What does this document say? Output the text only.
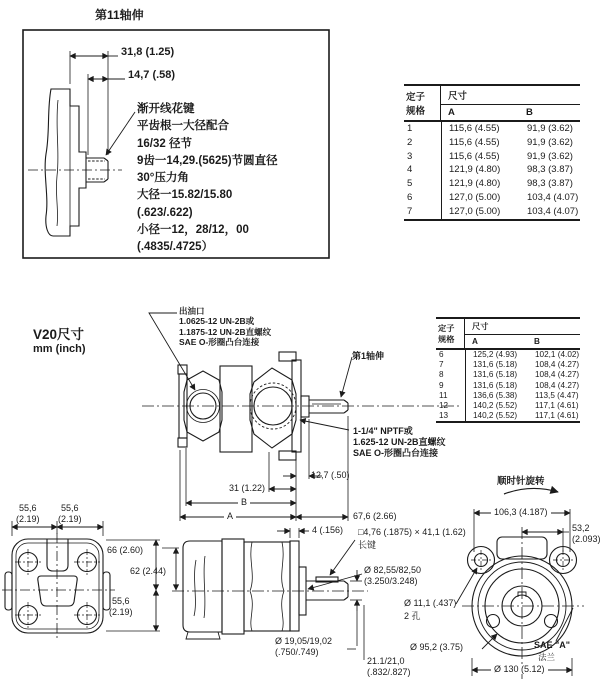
第11轴伸
31,8 (1.25)
14,7 (.58)
渐开线花键
平齿根一大径配合
16/32 径节
9齿一14,29.(5625)节圆直径
30°压力角
大径一15.82/15.80
(.623/.622)
小径一12，28/12，00
(.4835/.4725）
定子
规格
尺寸
A	B
1	115,6 (4.55)	91,9 (3.62)
2	115,6 (4.55)	91,9 (3.62)
3	115,6 (4.55)	91,9 (3.62)
4	121,9 (4.80)	98,3 (3.87)
5	121,9 (4.80)	98,3 (3.87)
6	127,0 (5.00)	103,4 (4.07)
7	127,0 (5.00)	103,4 (4.07)
V20尺寸
mm (inch)
出油口
1.0625-12 UN-2B或
1.1875-12 UN-2B直螺纹
SAE O-形圈凸台连接
第1轴伸
定子
规格
尺寸
A	B
6	125,2 (4.93)	102,1 (4.02)
7	131,6 (5.18)	108,4 (4.27)
8	131,6 (5.18)	108,4 (4.27)
9	131,6 (5.18)	108,4 (4.27)
11	136,6 (5.38)	113,5 (4.47)
12	140,2 (5.52)	117,1 (4.61)
13	140,2 (5.52)	117,1 (4.61)
1-1/4" NPTF或
1.625-12 UN-2B直螺纹
SAE O-形圈凸台连接
12,7 (.50)
31 (1.22)
B
A	67,6 (2.66)
4 (.156) □4,76 (.1875) × 41,1 (1.62)
长键
Ø 82,55/82,50
(3.250/3.248)
Ø 11,1 (.437)
2 孔
Ø 19,05/19,02
(.750/.749)
21.1/21,0
(.832/.827)
Ø 95,2 (3.75)
Ø 130 (5.12)
106,3 (4.187)
53,2
(2.093)
顺时针旋转
SAE "A"
法兰
55,6
(2.19)
55,6
(2.19)
66 (2.60)
62 (2.44)
55,6
(2.19)
